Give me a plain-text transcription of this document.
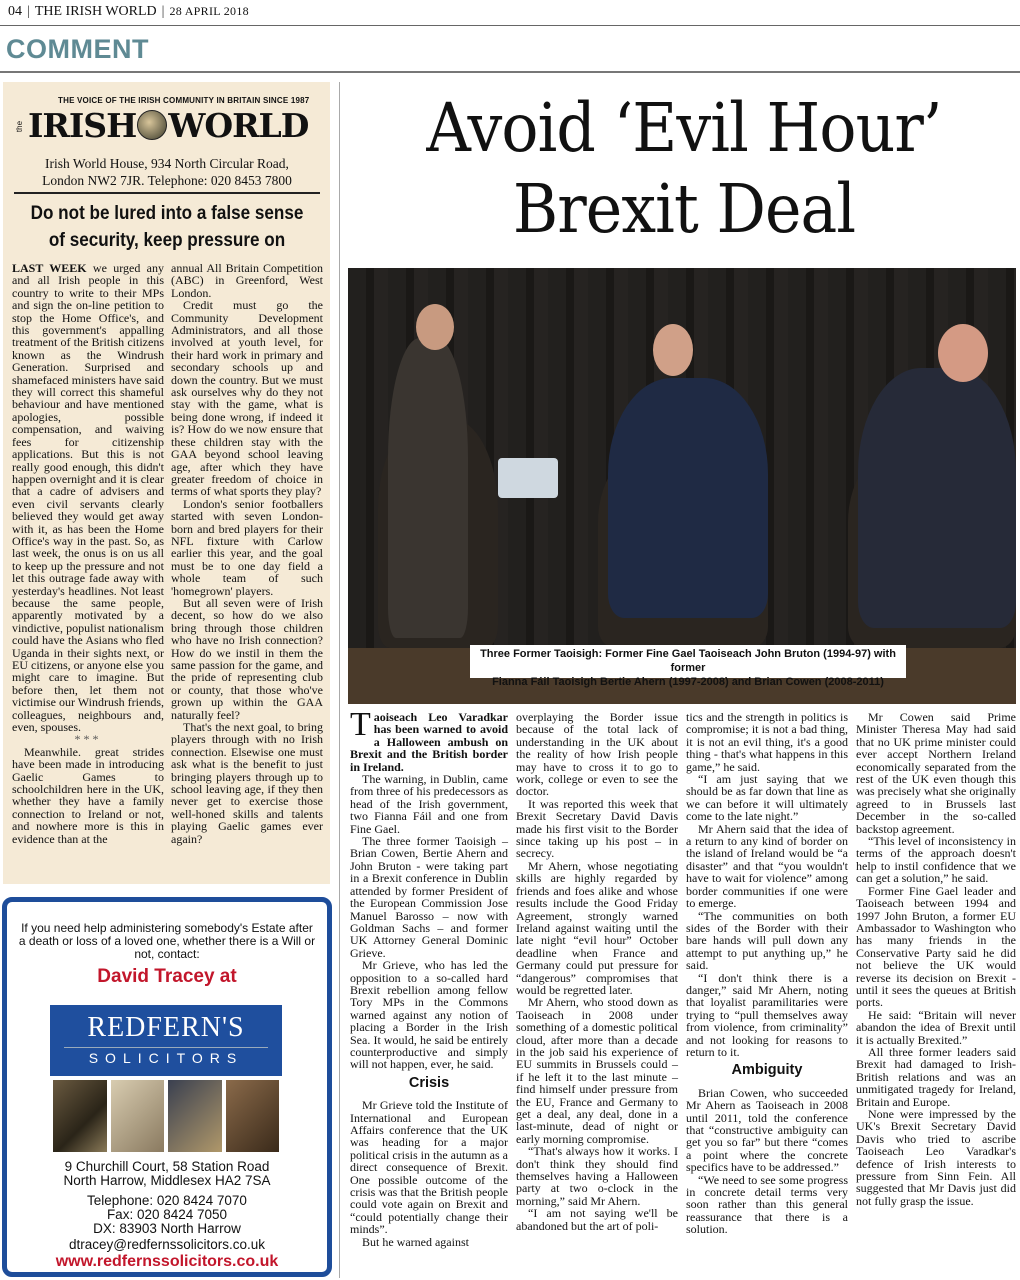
04 | THE IRISH WORLD | 28 APRIL 2018
COMMENT
THE VOICE OF THE IRISH COMMUNITY IN BRITAIN SINCE 1987
the IRISH WORLD
Irish World House, 934 North Circular Road,
London NW2 7JR. Telephone: 020 8453 7800
Do not be lured into a false sense
of security, keep pressure on

LAST WEEK we urged any and all Irish people in this country to write to their MPs and sign the on-line petition to stop the Home Office's, and this government's appalling treatment of the British citizens known as the Windrush Generation. Surprised and shamefaced ministers have said they will correct this shameful behaviour and have mentioned apologies, possible compensation, and waiving fees for citizenship applications. But this is not really good enough, this didn't happen overnight and it is clear that a cadre of advisers and even civil servants clearly believed they would get away with it, as has been the Home Office's way in the past. So, as last week, the onus is on us all to keep up the pressure and not let this outrage fade away with yesterday's headlines. Not least because the same people, apparently motivated by a vindictive, populist nationalism could have the Asians who fled Uganda in their sights next, or EU citizens, or anyone else you might care to imagine. But before then, let them not victimise our Windrush friends, colleagues, neighbours and, even, spouses.

***

Meanwhile. great strides have been made in introducing Gaelic Games to schoolchildren here in the UK, whether they have a family connection to Ireland or not, and nowhere more is this in evidence than at the

annual All Britain Competition (ABC) in Greenford, West London.

Credit must go the Community Development Administrators, and all those involved at youth level, for their hard work in primary and secondary schools up and down the country. But we must ask ourselves why do they not stay with the game, what is being done wrong, if indeed it is? How do we now ensure that these children stay with the GAA beyond school leaving age, after which they have greater freedom of choice in terms of what sports they play?

London's senior footballers started with seven London-born and bred players for their NFL fixture with Carlow earlier this year, and the goal must be to one day field a whole team of such 'homegrown' players.

But all seven were of Irish decent, so how do we also bring through those children who have no Irish connection? How do we instil in them the same passion for the game, and the pride of representing club or county, that those who've grown up within the GAA naturally feel?

That's the next goal, to bring players through with no Irish connection. Elsewise one must ask what is the benefit to just bringing players through up to school leaving age, if they then never get to exercise those well-honed skills and talents playing Gaelic games ever again?

If you need help administering somebody's Estate after a death or loss of a loved one, whether there is a Will or not, contact:
David Tracey at
REDFERN'S
SOLICITORS
9 Churchill Court, 58 Station Road
North Harrow, Middlesex HA2 7SA
Telephone: 020 8424 7070
Fax: 020 8424 7050
DX: 83903 North Harrow
dtracey@redfernssolicitors.co.uk
www.redfernssolicitors.co.uk
Avoid ‘Evil Hour’
Brexit Deal
Three Former Taoisigh: Former Fine Gael Taoiseach John Bruton (1994-97) with former
Fianna Fáil Taoisigh Bertie Ahern (1997-2008) and Brian Cowen (2008-2011)

Taoiseach Leo Varadkar has been warned to avoid a Halloween ambush on Brexit and the British border in Ireland.

The warning, in Dublin, came from three of his predecessors as head of the Irish government, two Fianna Fáil and one from Fine Gael.

The three former Taoisigh – Brian Cowen, Bertie Ahern and John Bruton - were taking part in a Brexit conference in Dublin attended by former President of the European Commission Jose Manuel Barosso – now with Goldman Sachs – and former UK Attorney General Dominic Grieve.

Mr Grieve, who has led the opposition to a so-called hard Brexit rebellion among fellow Tory MPs in the Commons warned against any notion of placing a Border in the Irish Sea. It would, he said be entirely counterproductive and simply will not happen, ever, he said.

Crisis

Mr Grieve told the Institute of International and European Affairs conference that the UK was heading for a major political crisis in the autumn as a direct consequence of Brexit. One possible outcome of the crisis was that the British people could vote again on Brexit and “could potentially change their minds”.

But he warned against

overplaying the Border issue because of the total lack of understanding in the UK about the reality of how Irish people may have to cross it to go to work, college or even to see the doctor.

It was reported this week that Brexit Secretary David Davis made his first visit to the Border since taking up his post – in secrecy.

Mr Ahern, whose negotiating skills are highly regarded by friends and foes alike and whose results include the Good Friday Agreement, strongly warned Ireland against waiting until the late night “evil hour” October deadline when France and Germany could put pressure for “dangerous” compromises that would be regretted later.

Mr Ahern, who stood down as Taoiseach in 2008 under something of a domestic political cloud, after more than a decade in the job said his experience of EU summits in Brussels could – if he left it to the last minute – find himself under pressure from the EU, France and Germany to get a deal, any deal, done in a last-minute, dead of night or early morning compromise.

“That's always how it works. I don't think they should find themselves having a Halloween party at two o-clock in the morning,” said Mr Ahern.

“I am not saying we'll be abandoned but the art of poli-

tics and the strength in politics is compromise; it is not a bad thing, it is not an evil thing, it's a good thing - that's what happens in this game,” he said.

“I am just saying that we should be as far down that line as we can before it will ultimately come to the late night.”

Mr Ahern said that the idea of a return to any kind of border on the island of Ireland would be “a disaster” and that “you wouldn't have to wait for violence” among border communities if one were to emerge.

“The communities on both sides of the Border with their bare hands will pull down any attempt to put anything up,” he said.

“I don't think there is a danger,” said Mr Ahern, noting that loyalist paramilitaries were trying to “pull themselves away from violence, from criminality” and not looking for reasons to return to it.

Ambiguity

Brian Cowen, who succeeded Mr Ahern as Taoiseach in 2008 until 2011, told the conference that “constructive ambiguity can get you so far” but there “comes a point where the concrete specifics have to be addressed.”

“We need to see some progress in concrete detail terms very soon rather than this general reassurance that there is a solution.

Mr Cowen said Prime Minister Theresa May had said that no UK prime minister could ever accept Northern Ireland economically separated from the rest of the UK even though this was precisely what she originally agreed to in Brussels last December in the so-called backstop agreement.

“This level of inconsistency in terms of the approach doesn't help to instil confidence that we can get a solution,” he said.

Former Fine Gael leader and Taoiseach between 1994 and 1997 John Bruton, a former EU Ambassador to Washington who has many friends in the Conservative Party said he did not believe the UK would reverse its decision on Brexit - until it sees the queues at British ports.

He said: “Britain will never abandon the idea of Brexit until it is actually Brexited.”

All three former leaders said Brexit had damaged to Irish-British relations and was an unmitigated tragedy for Ireland, Britain and Europe.

None were impressed by the UK's Brexit Secretary David Davis who tried to ascribe Taoiseach Leo Varadkar's defence of Irish interests to pressure from Sinn Fein. All suggested that Mr Davis just did not fully grasp the issue.
